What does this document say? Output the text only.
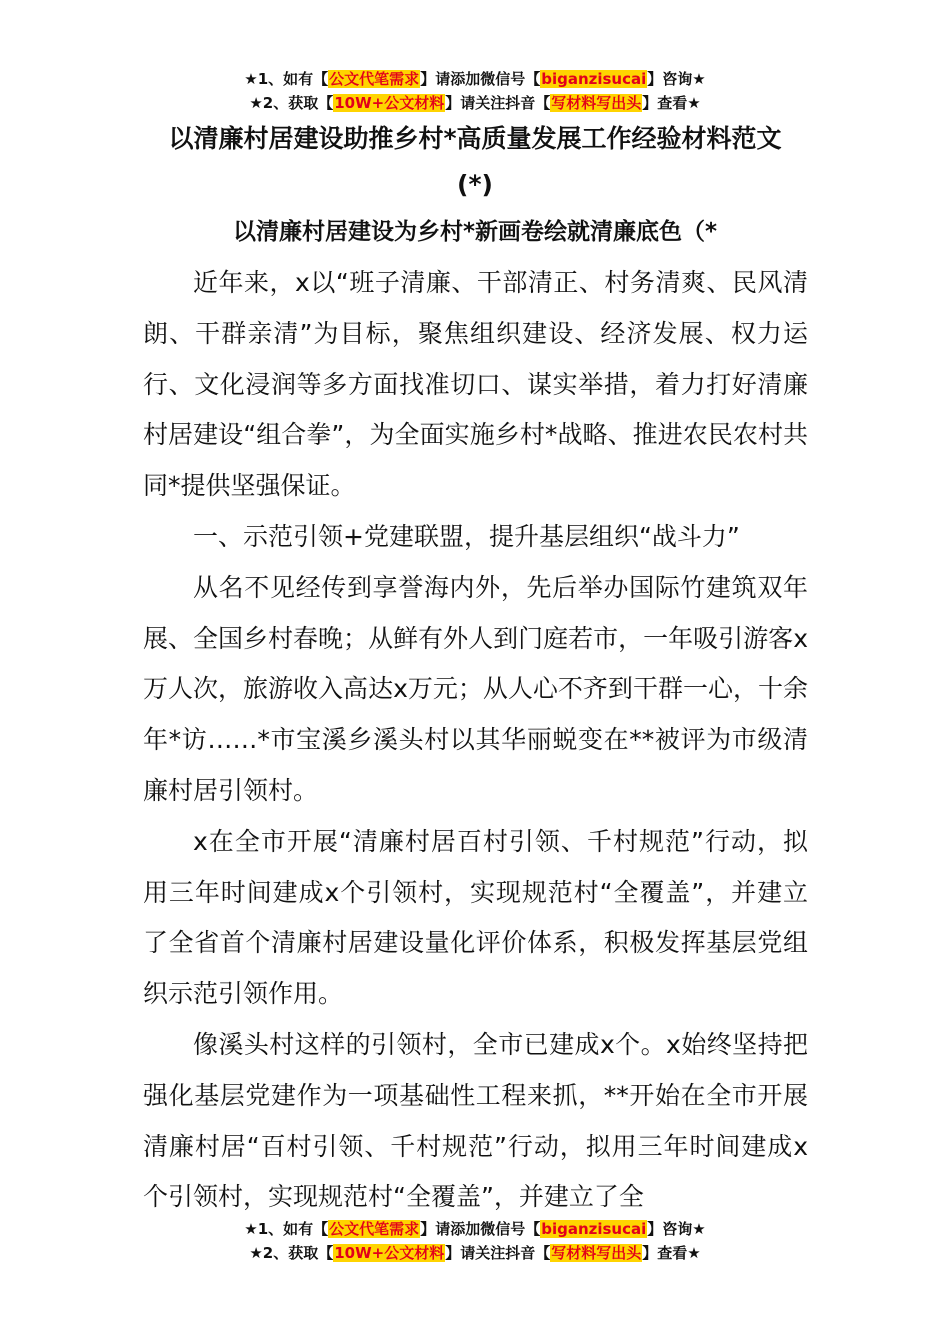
★1、如有【公文代笔需求】请添加微信号【biganzisucai】咨询★
★2、获取【10W+公文材料】请关注抖音【写材料写出头】查看★
以清廉村居建设助推乡村*高质量发展工作经验材料范文
(*)
以清廉村居建设为乡村*新画卷绘就清廉底色（*

近年来，x以“班子清廉、干部清正、村务清爽、民风清朗、干群亲清”为目标，聚焦组织建设、经济发展、权力运行、文化浸润等多方面找准切口、谋实举措，着力打好清廉村居建设“组合拳”，为全面实施乡村*战略、推进农民农村共同*提供坚强保证。

一、示范引领+党建联盟，提升基层组织“战斗力”

从名不见经传到享誉海内外，先后举办国际竹建筑双年展、全国乡村春晚；从鲜有外人到门庭若市，一年吸引游客x万人次，旅游收入高达x万元；从人心不齐到干群一心，十余年*访……*市宝溪乡溪头村以其华丽蜕变在**被评为市级清廉村居引领村。

x在全市开展“清廉村居百村引领、千村规范”行动，拟用三年时间建成x个引领村，实现规范村“全覆盖”，并建立了全省首个清廉村居建设量化评价体系，积极发挥基层党组织示范引领作用。

像溪头村这样的引领村，全市已建成x个。x始终坚持把强化基层党建作为一项基础性工程来抓，**开始在全市开展清廉村居“百村引领、千村规范”行动，拟用三年时间建成x个引领村，实现规范村“全覆盖”，并建立了全

★1、如有【公文代笔需求】请添加微信号【biganzisucai】咨询★
★2、获取【10W+公文材料】请关注抖音【写材料写出头】查看★
